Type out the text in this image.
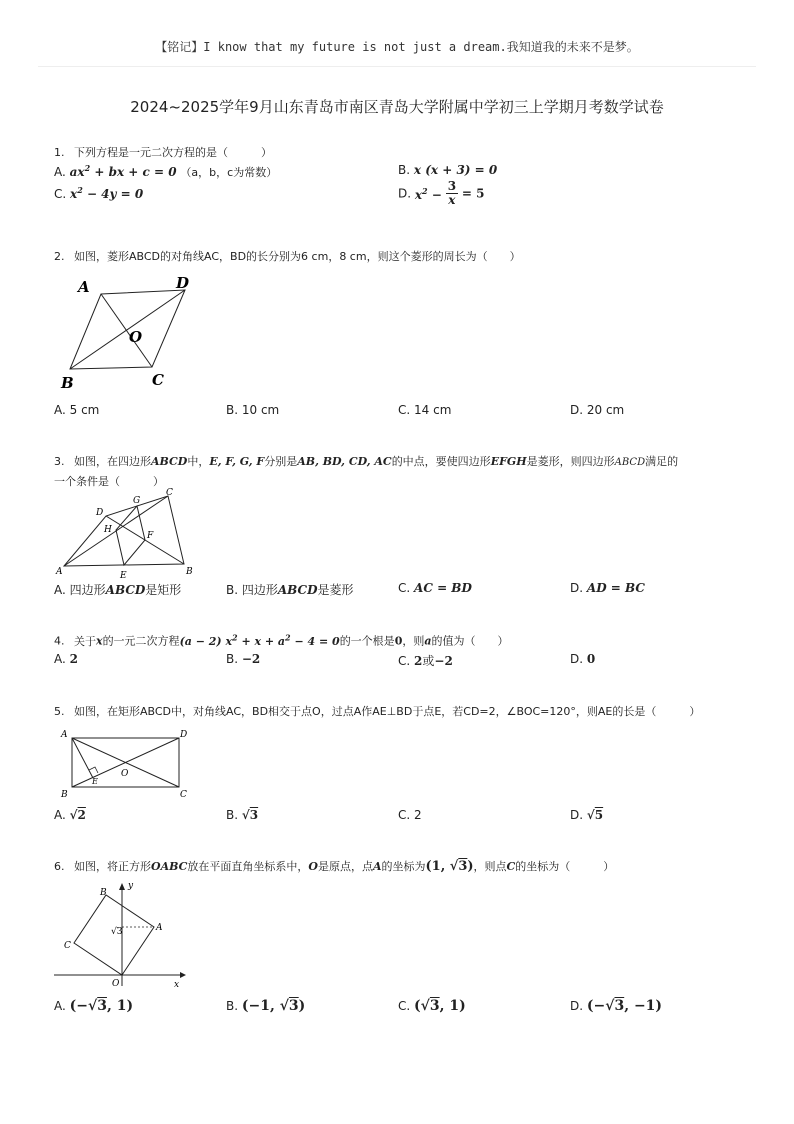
【铭记】I know that my future is not just a dream.我知道我的未来不是梦。
2024~2025学年9月山东青岛市南区青岛大学附属中学初三上学期月考数学试卷
1. 下列方程是一元二次方程的是（　　　）
A. $ax^2$ + bx + c = 0 （a，b，c为常数）	B. x (x + 3) = 0
C. $x^2 - 4y = 0$	D. $x^2 - \frac{3}{x} = 5$
2. 如图，菱形ABCD的对角线AC，BD的长分别为6 cm，8 cm，则这个菱形的周长为（　　）
A	D
O
B	C
A. 5 cm	B. 10 cm	C. 14 cm	D. 20 cm
3. 如图，在四边形ABCD中，E, F, G, F分别是AB, BD, CD, AC的中点，要使四边形EFGH是菱形，则四边形ABCD满足的
一个条件是（　　　）
A	B
C
D
E
F
G
H
A. 四边形ABCD是矩形	B. 四边形ABCD是菱形	C. AC = BD	D. AD = BC
4. 关于x的一元二次方程(a − 2) $x^2 + x + a^2 - 4 = 0$的一个根是0，则a的值为（　　）
A. 2	B. −2	C. 2或−2	D. 0
5. 如图，在矩形ABCD中，对角线AC，BD相交于点O，过点A作AE⊥BD于点E，若CD=2，∠BOC=120°，则AE的长是（　　　）
A	D
B	C
O
E
A. √2	B. √3	C. 2	D. √5
6. 如图，将正方形OABC放在平面直角坐标系中，O是原点，点A的坐标为(1, √3)，则点C的坐标为（　　　）
y
x
O
A
B
C
√3
A. (−√3, 1)	B. (−1, √3)	C. (√3, 1)	D. (−√3, −1)
